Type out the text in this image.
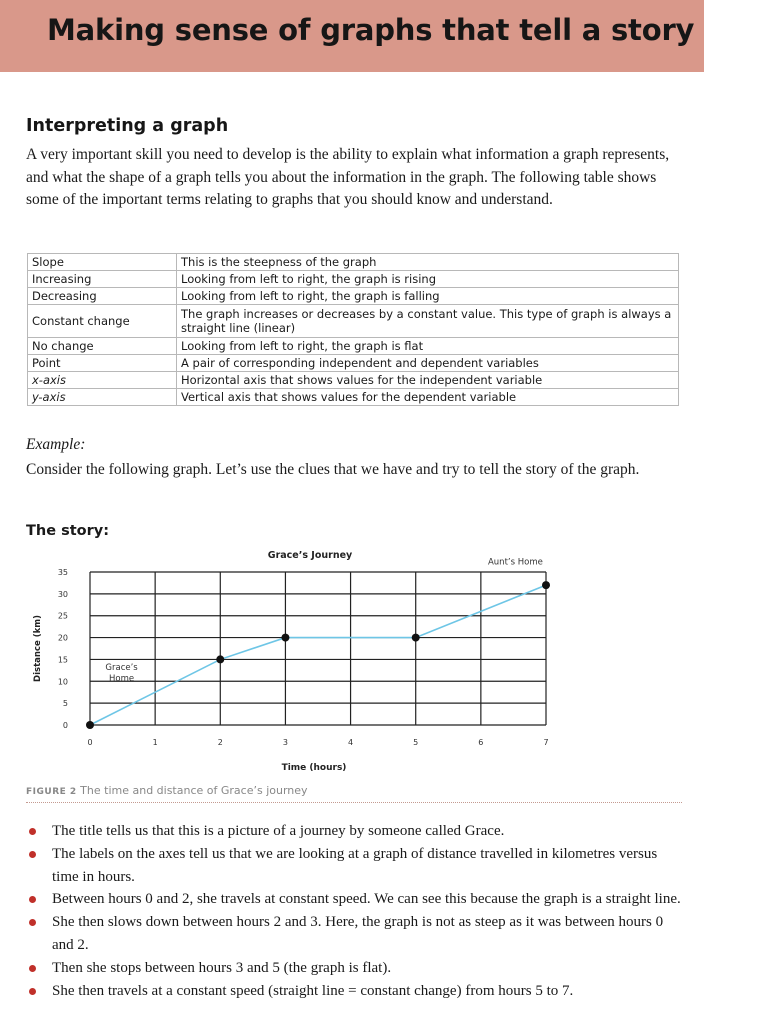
Making sense of graphs that tell a story
Interpreting a graph

A very important skill you need to develop is the ability to explain what information a graph represents, and what the shape of a graph tells you about the information in the graph. The following table shows some of the important terms relating to graphs that you should know and understand.

Slope	This is the steepness of the graph
Increasing	Looking from left to right, the graph is rising
Decreasing	Looking from left to right, the graph is falling
Constant change	The graph increases or decreases by a constant value. This type of graph is always a straight line (linear)
No change	Looking from left to right, the graph is flat
Point	A pair of corresponding independent and dependent variables
x-axis	Horizontal axis that shows values for the independent variable
y-axis	Vertical axis that shows values for the dependent variable
Example:

Consider the following graph. Let’s use the clues that we have and try to tell the story of the graph.

The story:
0
5
10
15
20
25
30
35
0	1	2	3	4	5	6	7
Grace’s Journey
Time (hours)
Distance (km)	Grace’s
Home
Aunt’s Home
FIGURE 2 The time and distance of Grace’s journey
The title tells us that this is a picture of a journey by someone called Grace.
The labels on the axes tell us that we are looking at a graph of distance travelled in kilometres versus time in hours.
Between hours 0 and 2, she travels at constant speed. We can see this because the graph is a straight line.
She then slows down between hours 2 and 3. Here, the graph is not as steep as it was between hours 0 and 2.
Then she stops between hours 3 and 5 (the graph is flat).
She then travels at a constant speed (straight line = constant change) from hours 5 to 7.
